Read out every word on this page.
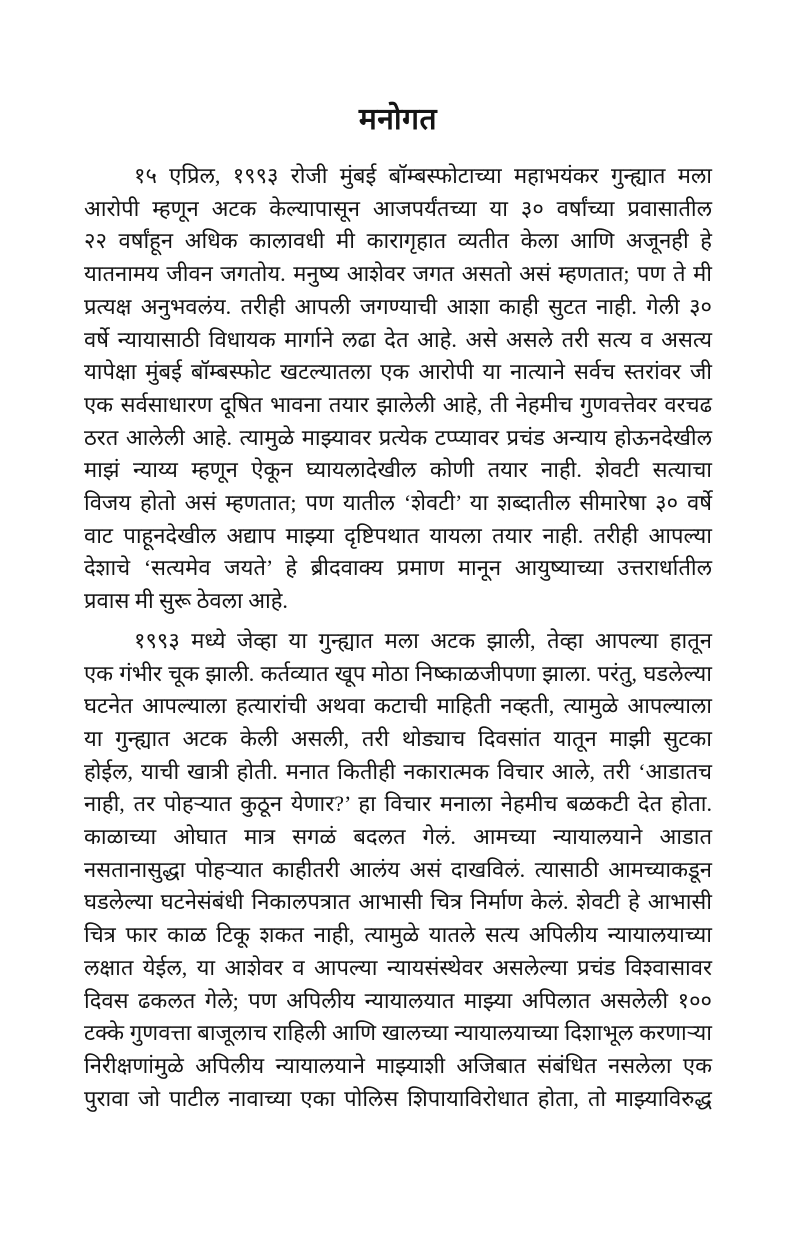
मनोगत
१५ एप्रिल, १९९३ रोजी मुंबई बॉम्बस्फोटाच्या महाभयंकर गुन्ह्यात मला
आरोपी म्हणून अटक केल्यापासून आजपर्यंतच्या या ३० वर्षांच्या प्रवासातील
२२ वर्षांहून अधिक कालावधी मी कारागृहात व्यतीत केला आणि अजूनही हे
यातनामय जीवन जगतोय. मनुष्य आशेवर जगत असतो असं म्हणतात; पण ते मी
प्रत्यक्ष अनुभवलंय. तरीही आपली जगण्याची आशा काही सुटत नाही. गेली ३०
वर्षे न्यायासाठी विधायक मार्गाने लढा देत आहे. असे असले तरी सत्य व असत्य
यापेक्षा मुंबई बॉम्बस्फोट खटल्यातला एक आरोपी या नात्याने सर्वच स्तरांवर जी
एक सर्वसाधारण दूषित भावना तयार झालेली आहे, ती नेहमीच गुणवत्तेवर वरचढ
ठरत आलेली आहे. त्यामुळे माझ्यावर प्रत्येक टप्प्यावर प्रचंड अन्याय होऊनदेखील
माझं न्याय्य म्हणून ऐकून घ्यायलादेखील कोणी तयार नाही. शेवटी सत्याचा
विजय होतो असं म्हणतात; पण यातील ‘शेवटी’ या शब्दातील सीमारेषा ३० वर्षे
वाट पाहूनदेखील अद्याप माझ्या दृष्टिपथात यायला तयार नाही. तरीही आपल्या
देशाचे ‘सत्यमेव जयते’ हे ब्रीदवाक्य प्रमाण मानून आयुष्याच्या उत्तरार्धातील
प्रवास मी सुरू ठेवला आहे.
१९९३ मध्ये जेव्हा या गुन्ह्यात मला अटक झाली, तेव्हा आपल्या हातून
एक गंभीर चूक झाली. कर्तव्यात खूप मोठा निष्काळजीपणा झाला. परंतु, घडलेल्या
घटनेत आपल्याला हत्यारांची अथवा कटाची माहिती नव्हती, त्यामुळे आपल्याला
या गुन्ह्यात अटक केली असली, तरी थोड्याच दिवसांत यातून माझी सुटका
होईल, याची खात्री होती. मनात कितीही नकारात्मक विचार आले, तरी ‘आडातच
नाही, तर पोहऱ्यात कुठून येणार?’ हा विचार मनाला नेहमीच बळकटी देत होता.
काळाच्या ओघात मात्र सगळं बदलत गेलं. आमच्या न्यायालयाने आडात
नसतानासुद्धा पोहऱ्यात काहीतरी आलंय असं दाखविलं. त्यासाठी आमच्याकडून
घडलेल्या घटनेसंबंधी निकालपत्रात आभासी चित्र निर्माण केलं. शेवटी हे आभासी
चित्र फार काळ टिकू शकत नाही, त्यामुळे यातले सत्य अपिलीय न्यायालयाच्या
लक्षात येईल, या आशेवर व आपल्या न्यायसंस्थेवर असलेल्या प्रचंड विश्वासावर
दिवस ढकलत गेले; पण अपिलीय न्यायालयात माझ्या अपिलात असलेली १००
टक्के गुणवत्ता बाजूलाच राहिली आणि खालच्या न्यायालयाच्या दिशाभूल करणाऱ्या
निरीक्षणांमुळे अपिलीय न्यायालयाने माझ्याशी अजिबात संबंधित नसलेला एक
पुरावा जो पाटील नावाच्या एका पोलिस शिपायाविरोधात होता, तो माझ्याविरुद्ध
